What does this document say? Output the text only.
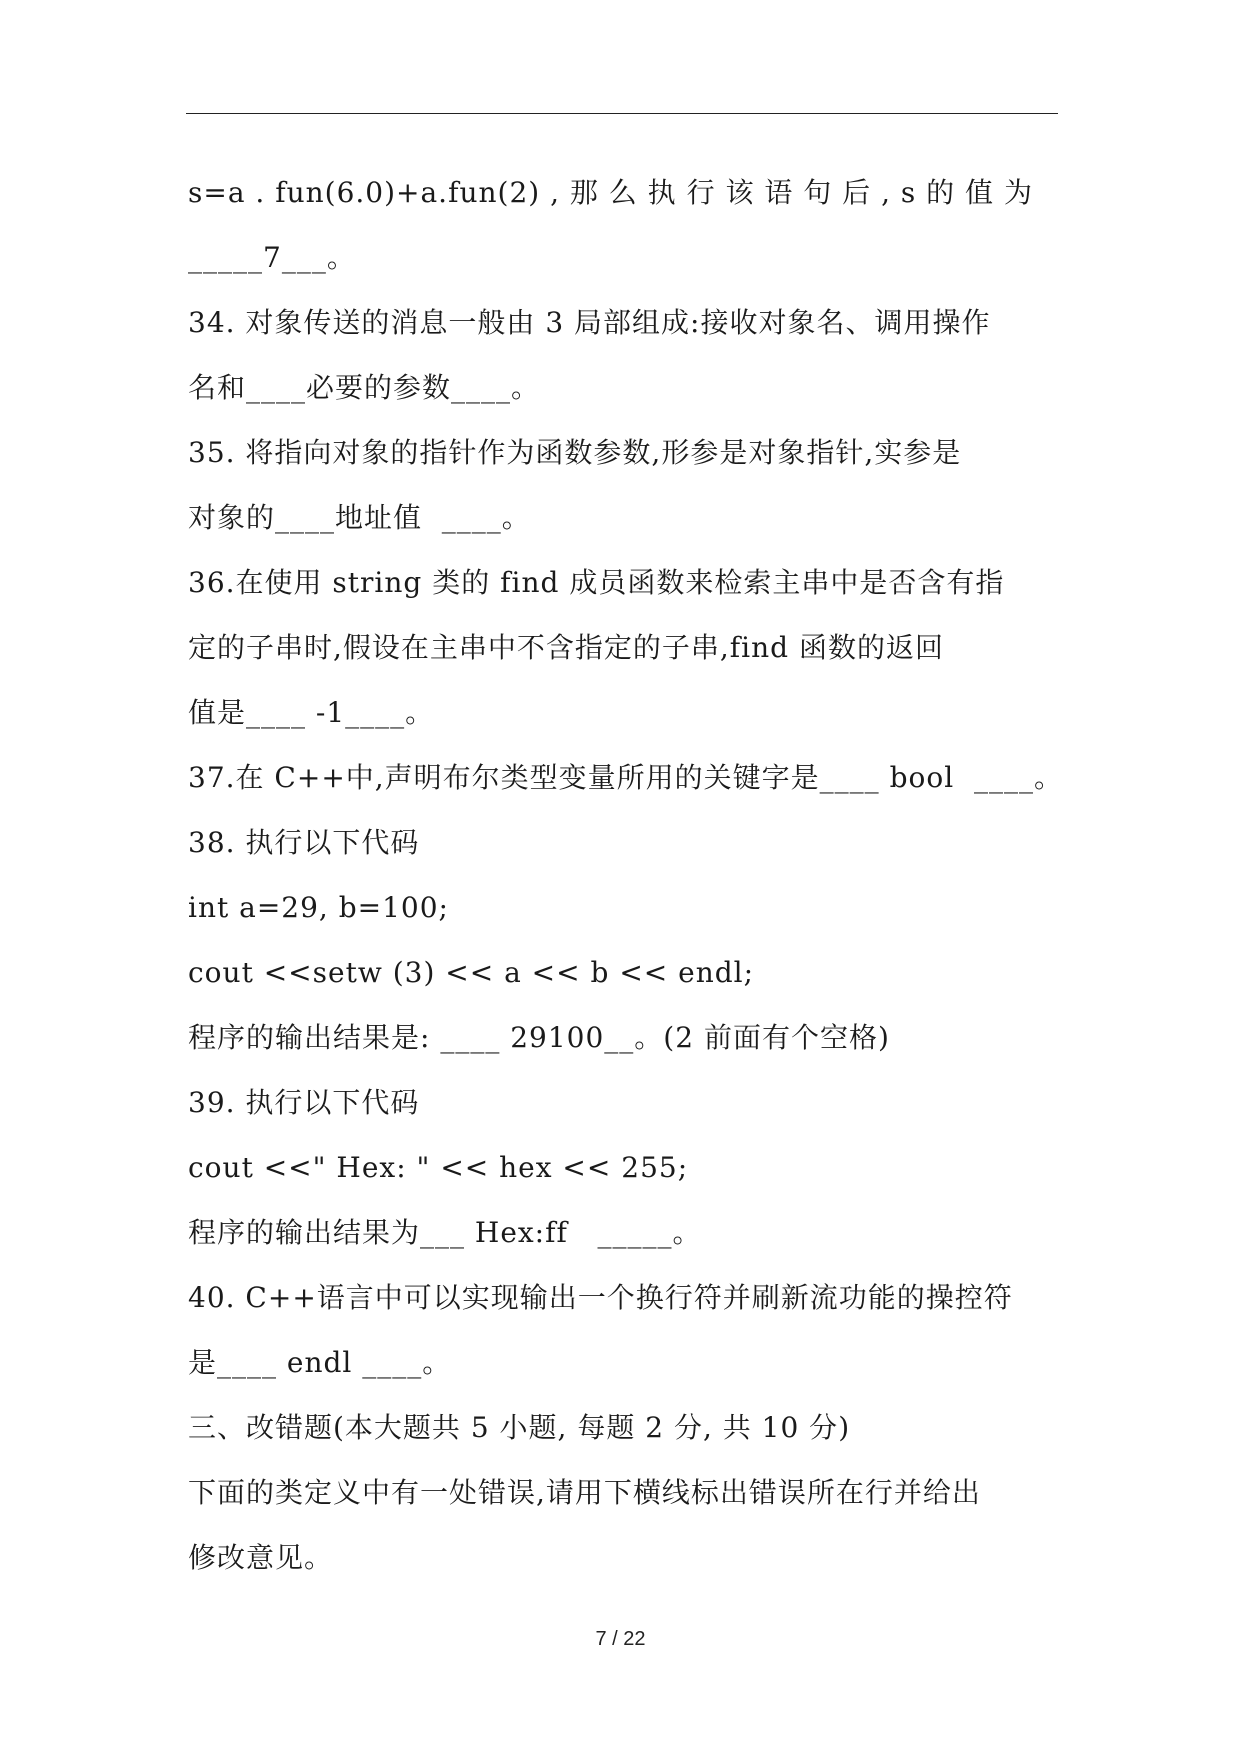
s=a . fun(6.0)+a.fun(2) , 那 么 执 行 该 语 句 后 , s 的 值 为
_____7___。
34. 对象传送的消息一般由 3 局部组成:接收对象名、调用操作
名和____必要的参数____。
35. 将指向对象的指针作为函数参数,形参是对象指针,实参是
对象的____地址值  ____。
36.在使用 string 类的 find 成员函数来检索主串中是否含有指
定的子串时,假设在主串中不含指定的子串,find 函数的返回
值是____ -1____。
37.在 C++中,声明布尔类型变量所用的关键字是____ bool  ____。
38. 执行以下代码
int a=29, b=100;
cout <<setw (3) << a << b << endl;
程序的输出结果是: ____ 29100__。(2 前面有个空格)
39. 执行以下代码
cout <<" Hex: " << hex << 255;
程序的输出结果为___ Hex:ff   _____。
40. C++语言中可以实现输出一个换行符并刷新流功能的操控符
是____ endl ____。
三、改错题(本大题共 5 小题, 每题 2 分, 共 10 分)
下面的类定义中有一处错误,请用下横线标出错误所在行并给出
修改意见。
7 / 22
